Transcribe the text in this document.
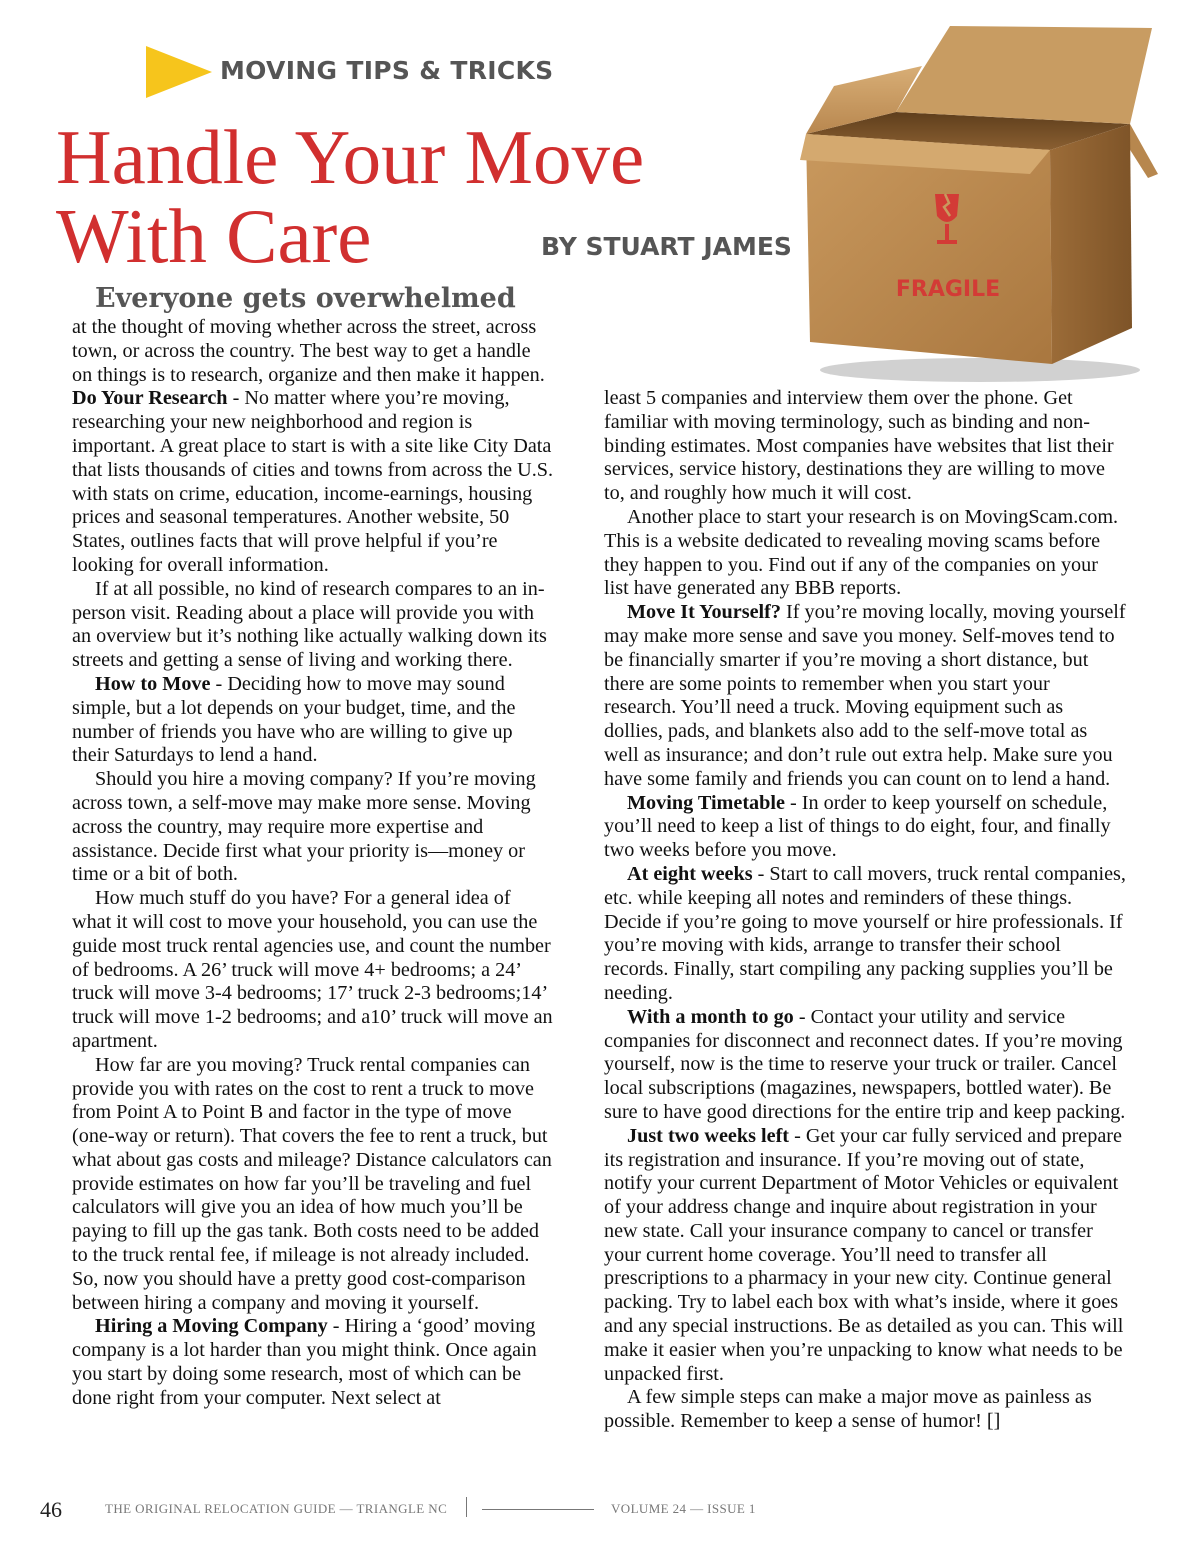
MOVING TIPS & TRICKS
Handle Your Move With Care	BY STUART JAMES
FRAGILE
Everyone gets overwhelmed

at the thought of moving whether across the street, across town, or across the country. The best way to get a handle on things is to research, organize and then make it happen.

Do Your Research - No matter where you’re moving, researching your new neighborhood and region is important. A great place to start is with a site like City Data that lists thousands of cities and towns from across the U.S. with stats on crime, education, income-earnings, housing prices and seasonal temperatures. Another website, 50 States, outlines facts that will prove helpful if you’re looking for overall information.

If at all possible, no kind of research compares to an in-person visit. Reading about a place will provide you with an overview but it’s nothing like actually walking down its streets and getting a sense of living and working there.

How to Move - Deciding how to move may sound simple, but a lot depends on your budget, time, and the number of friends you have who are willing to give up their Saturdays to lend a hand.

Should you hire a moving company? If you’re moving across town, a self-move may make more sense. Moving across the country, may require more expertise and assistance. Decide first what your priority is—money or time or a bit of both.

How much stuff do you have? For a general idea of what it will cost to move your household, you can use the guide most truck rental agencies use, and count the number of bedrooms. A 26’ truck will move 4+ bedrooms; a 24’ truck will move 3-4 bedrooms; 17’ truck 2-3 bedrooms;14’ truck will move 1-2 bedrooms; and a10’ truck will move an apartment.

How far are you moving? Truck rental companies can provide you with rates on the cost to rent a truck to move from Point A to Point B and factor in the type of move (one-way or return). That covers the fee to rent a truck, but what about gas costs and mileage? Distance calculators can provide estimates on how far you’ll be traveling and fuel calculators will give you an idea of how much you’ll be paying to fill up the gas tank. Both costs need to be added to the truck rental fee, if mileage is not already included. So, now you should have a pretty good cost-comparison between hiring a company and moving it yourself.

Hiring a Moving Company - Hiring a ‘good’ moving company is a lot harder than you might think. Once again you start by doing some research, most of which can be done right from your computer. Next select at

least 5 companies and interview them over the phone. Get familiar with moving terminology, such as binding and non-binding estimates. Most companies have websites that list their services, service history, destinations they are willing to move to, and roughly how much it will cost.

Another place to start your research is on MovingScam.com. This is a website dedicated to revealing moving scams before they happen to you. Find out if any of the companies on your list have generated any BBB reports.

Move It Yourself? If you’re moving locally, moving yourself may make more sense and save you money. Self-moves tend to be financially smarter if you’re moving a short distance, but there are some points to remember when you start your research. You’ll need a truck. Moving equipment such as dollies, pads, and blankets also add to the self-move total as well as insurance; and don’t rule out extra help. Make sure you have some family and friends you can count on to lend a hand.

Moving Timetable - In order to keep yourself on schedule, you’ll need to keep a list of things to do eight, four, and finally two weeks before you move.

At eight weeks - Start to call movers, truck rental companies, etc. while keeping all notes and reminders of these things. Decide if you’re going to move yourself or hire professionals. If you’re moving with kids, arrange to transfer their school records. Finally, start compiling any packing supplies you’ll be needing.

With a month to go - Contact your utility and service companies for disconnect and reconnect dates. If you’re moving yourself, now is the time to reserve your truck or trailer. Cancel local subscriptions (magazines, newspapers, bottled water). Be sure to have good directions for the entire trip and keep packing.

Just two weeks left - Get your car fully serviced and prepare its registration and insurance. If you’re moving out of state, notify your current Department of Motor Vehicles or equivalent of your address change and inquire about registration in your new state. Call your insurance company to cancel or transfer your current home coverage. You’ll need to transfer all prescriptions to a pharmacy in your new city. Continue general packing. Try to label each box with what’s inside, where it goes and any special instructions. Be as detailed as you can. This will make it easier when you’re unpacking to know what needs to be unpacked first.

A few simple steps can make a major move as painless as possible. Remember to keep a sense of humor! []

46	THE ORIGINAL RELOCATION GUIDE — TRIANGLE NC	VOLUME 24 — ISSUE 1
